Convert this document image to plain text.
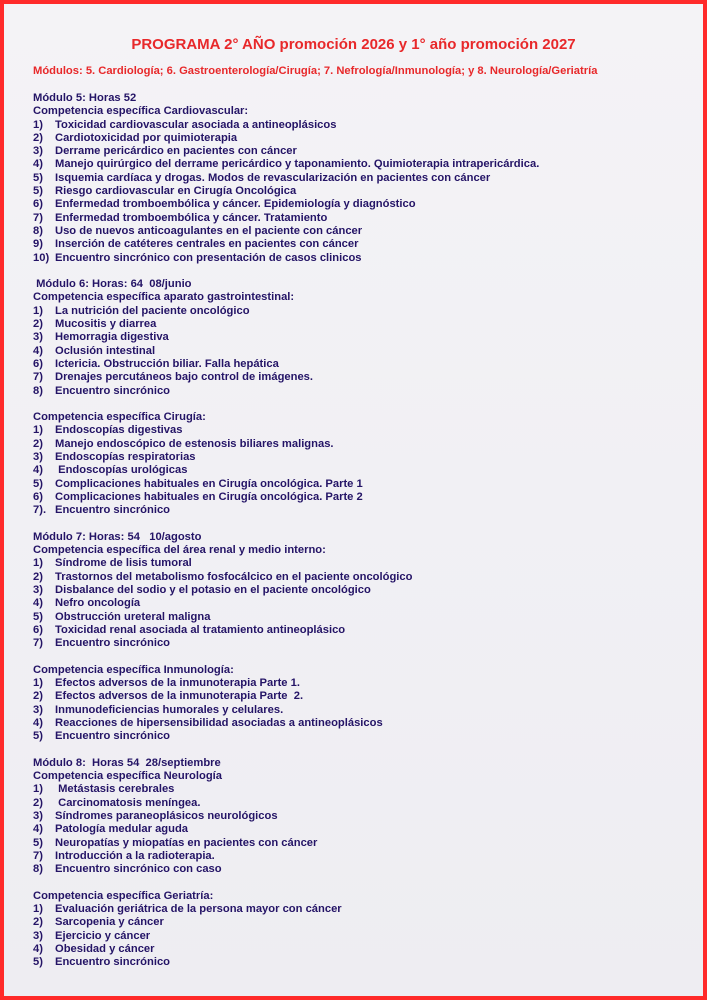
PROGRAMA 2° AÑO promoción 2026 y 1° año promoción 2027
Módulos: 5. Cardiología; 6. Gastroenterología/Cirugía; 7. Nefrología/Inmunología; y 8. Neurología/Geriatría
Módulo 5: Horas 52
Competencia específica Cardiovascular:
1) Toxicidad cardiovascular asociada a antineoplásicos
2) Cardiotoxicidad por quimioterapia
3) Derrame pericárdico en pacientes con cáncer
4) Manejo quirúrgico del derrame pericárdico y taponamiento. Quimioterapia intrapericárdica.
5) Isquemia cardíaca y drogas. Modos de revascularización en pacientes con cáncer
5) Riesgo cardiovascular en Cirugía Oncológica
6) Enfermedad tromboembólica y cáncer. Epidemiología y diagnóstico
7) Enfermedad tromboembólica y cáncer. Tratamiento
8) Uso de nuevos anticoagulantes en el paciente con cáncer
9) Inserción de catéteres centrales en pacientes con cáncer
10) Encuentro sincrónico con presentación de casos clinicos
Módulo 6: Horas: 64  08/junio
Competencia específica aparato gastrointestinal:
1) La nutrición del paciente oncológico
2) Mucositis y diarrea
3) Hemorragia digestiva
4) Oclusión intestinal
6) Ictericia. Obstrucción biliar. Falla hepática
7) Drenajes percutáneos bajo control de imágenes.
8) Encuentro sincrónico
Competencia específica Cirugía:
1) Endoscopías digestivas
2) Manejo endoscópico de estenosis biliares malignas.
3) Endoscopías respiratorias
4) Endoscopías urológicas
5) Complicaciones habituales en Cirugía oncológica. Parte 1
6) Complicaciones habituales en Cirugía oncológica. Parte 2
7). Encuentro sincrónico
Módulo 7: Horas: 54   10/agosto
Competencia específica del área renal y medio interno:
1) Síndrome de lisis tumoral
2) Trastornos del metabolismo fosfocálcico en el paciente oncológico
3) Disbalance del sodio y el potasio en el paciente oncológico
4) Nefro oncología
5) Obstrucción ureteral maligna
6) Toxicidad renal asociada al tratamiento antineoplásico
7) Encuentro sincrónico
Competencia específica Inmunología:
1) Efectos adversos de la inmunoterapia Parte 1.
2) Efectos adversos de la inmunoterapia Parte  2.
3) Inmunodeficiencias humorales y celulares.
4) Reacciones de hipersensibilidad asociadas a antineoplásicos
5) Encuentro sincrónico
Módulo 8:  Horas 54  28/septiembre
Competencia específica Neurología
1) Metástasis cerebrales
2) Carcinomatosis meníngea.
3) Síndromes paraneoplásicos neurológicos
4) Patología medular aguda
5) Neuropatías y miopatías en pacientes con cáncer
7) Introducción a la radioterapia.
8) Encuentro sincrónico con caso
Competencia específica Geriatría:
1) Evaluación geriátrica de la persona mayor con cáncer
2) Sarcopenia y cáncer
3) Ejercicio y cáncer
4) Obesidad y cáncer
5) Encuentro sincrónico
